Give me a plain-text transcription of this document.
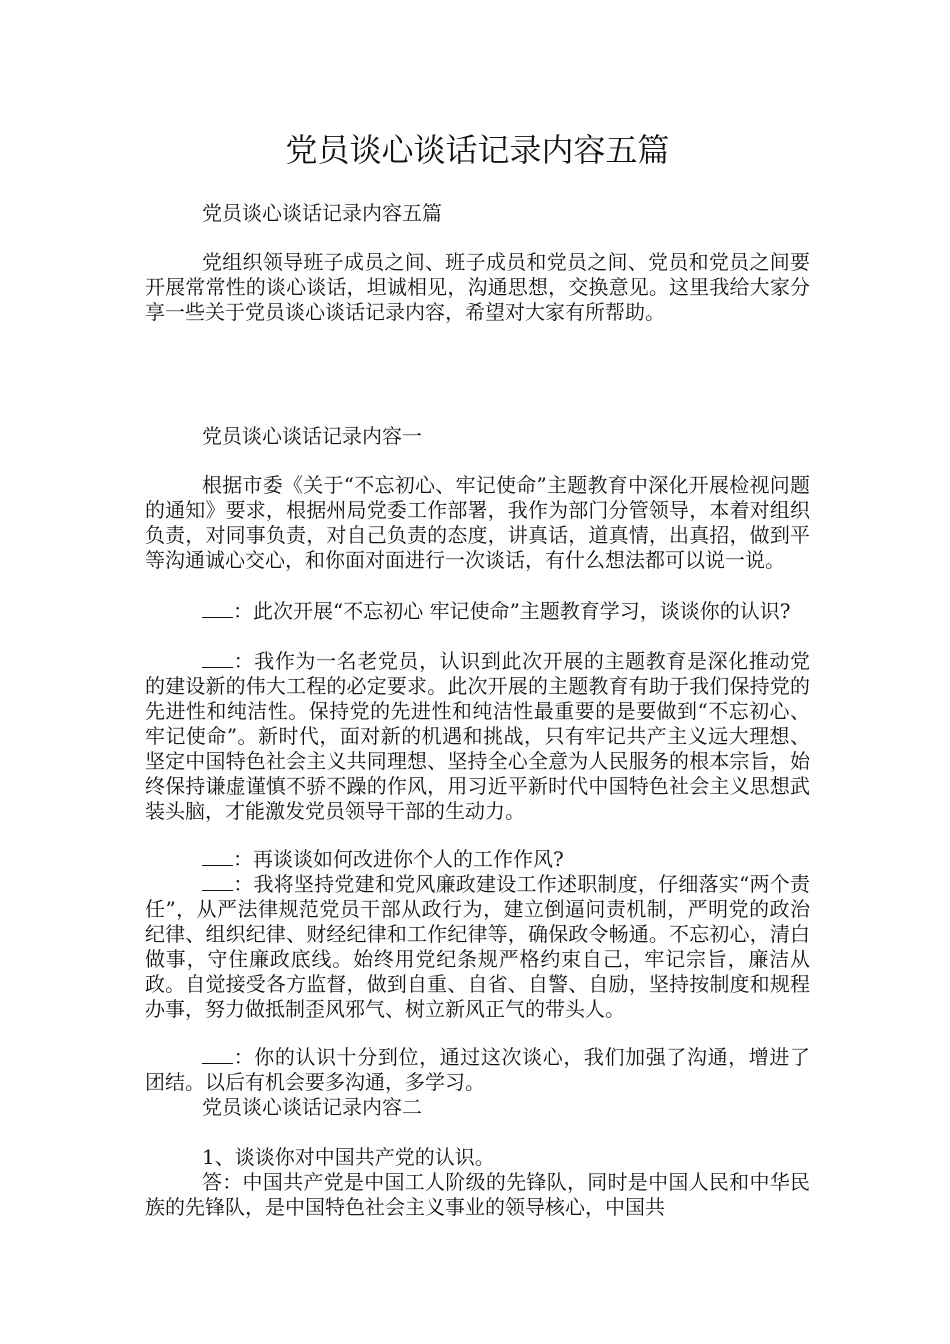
党员谈心谈话记录内容五篇

党员谈心谈话记录内容五篇

党组织领导班子成员之间、班子成员和党员之间、党员和党员之间要开展常常性的谈心谈话，坦诚相见，沟通思想，交换意见。这里我给大家分享一些关于党员谈心谈话记录内容，希望对大家有所帮助。

党员谈心谈话记录内容一

根据市委《关于“不忘初心、牢记使命”主题教育中深化开展检视问题的通知》要求，根据州局党委工作部署，我作为部门分管领导，本着对组织负责，对同事负责，对自己负责的态度，讲真话，道真情，出真招，做到平等沟通诚心交心，和你面对面进行一次谈话，有什么想法都可以说一说。

：此次开展“不忘初心 牢记使命”主题教育学习，谈谈你的认识?

：我作为一名老党员，认识到此次开展的主题教育是深化推动党的建设新的伟大工程的必定要求。此次开展的主题教育有助于我们保持党的先进性和纯洁性。保持党的先进性和纯洁性最重要的是要做到“不忘初心、牢记使命”。新时代，面对新的机遇和挑战，只有牢记共产主义远大理想、坚定中国特色社会主义共同理想、坚持全心全意为人民服务的根本宗旨，始终保持谦虚谨慎不骄不躁的作风，用习近平新时代中国特色社会主义思想武装头脑，才能激发党员领导干部的生动力。

：再谈谈如何改进你个人的工作作风?

：我将坚持党建和党风廉政建设工作述职制度，仔细落实“两个责任”，从严法律规范党员干部从政行为，建立倒逼问责机制，严明党的政治纪律、组织纪律、财经纪律和工作纪律等，确保政令畅通。不忘初心，清白做事，守住廉政底线。始终用党纪条规严格约束自己，牢记宗旨，廉洁从政。自觉接受各方监督，做到自重、自省、自警、自励，坚持按制度和规程办事，努力做抵制歪风邪气、树立新风正气的带头人。

：你的认识十分到位，通过这次谈心，我们加强了沟通，增进了团结。以后有机会要多沟通，多学习。

党员谈心谈话记录内容二

1、谈谈你对中国共产党的认识。

答：中国共产党是中国工人阶级的先锋队，同时是中国人民和中华民族的先锋队，是中国特色社会主义事业的领导核心，中国共
